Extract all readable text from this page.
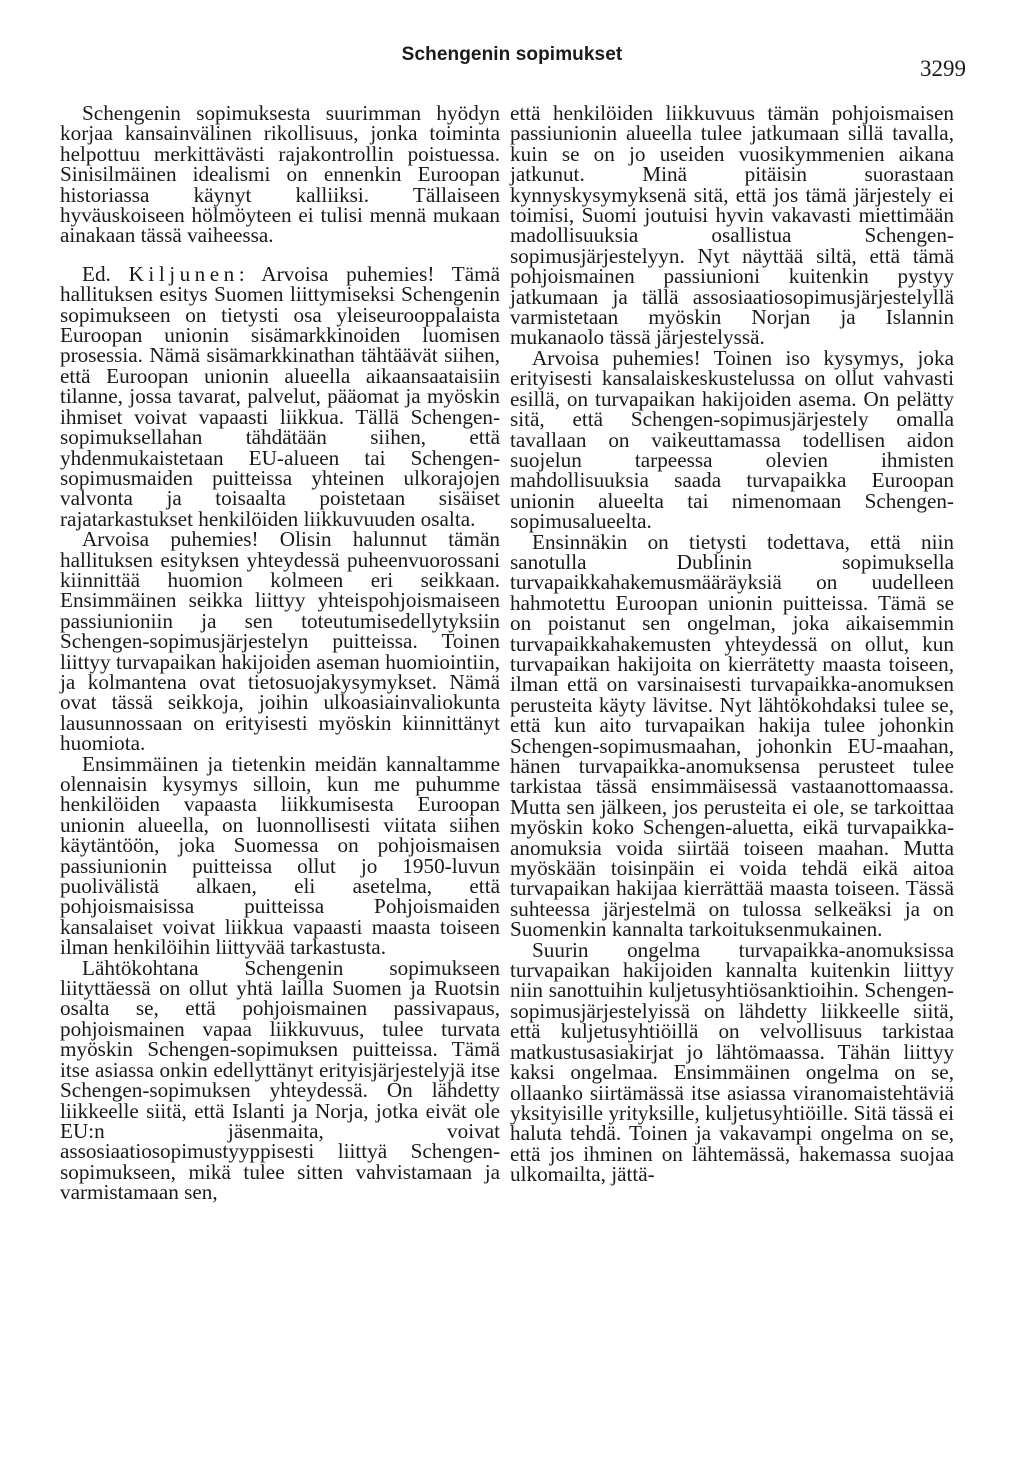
Schengenin sopimukset
3299

Schengenin sopimuksesta suurimman hyödyn korjaa kansainvälinen rikollisuus, jonka toiminta helpottuu merkittävästi rajakontrollin poistuessa. Sinisilmäinen idealismi on ennenkin Euroopan historiassa käynyt kalliiksi. Tällaiseen hyväuskoiseen hölmöyteen ei tulisi mennä mukaan ainakaan tässä vaiheessa.

Ed. Kiljunen: Arvoisa puhemies! Tämä hallituksen esitys Suomen liittymiseksi Schengenin sopimukseen on tietysti osa yleiseurooppalaista Euroopan unionin sisämarkkinoiden luomisen prosessia. Nämä sisämarkkinathan tähtäävät siihen, että Euroopan unionin alueella aikaansaataisiin tilanne, jossa tavarat, palvelut, pääomat ja myöskin ihmiset voivat vapaasti liikkua. Tällä Schengen-sopimuksellahan tähdätään siihen, että yhdenmukaistetaan EU-alueen tai Schengen-sopimusmaiden puitteissa yhteinen ulkorajojen valvonta ja toisaalta poistetaan sisäiset rajatarkastukset henkilöiden liikkuvuuden osalta.

Arvoisa puhemies! Olisin halunnut tämän hallituksen esityksen yhteydessä puheenvuorossani kiinnittää huomion kolmeen eri seikkaan. Ensimmäinen seikka liittyy yhteispohjoismaiseen passiunioniin ja sen toteutumisedellytyksiin Schengen-sopimusjärjestelyn puitteissa. Toinen liittyy turvapaikan hakijoiden aseman huomiointiin, ja kolmantena ovat tietosuojakysymykset. Nämä ovat tässä seikkoja, joihin ulkoasiainvaliokunta lausunnossaan on erityisesti myöskin kiinnittänyt huomiota.

Ensimmäinen ja tietenkin meidän kannaltamme olennaisin kysymys silloin, kun me puhumme henkilöiden vapaasta liikkumisesta Euroopan unionin alueella, on luonnollisesti viitata siihen käytäntöön, joka Suomessa on pohjoismaisen passiunionin puitteissa ollut jo 1950-luvun puolivälistä alkaen, eli asetelma, että pohjoismaisissa puitteissa Pohjoismaiden kansalaiset voivat liikkua vapaasti maasta toiseen ilman henkilöihin liittyvää tarkastusta.

Lähtökohtana Schengenin sopimukseen liityttäessä on ollut yhtä lailla Suomen ja Ruotsin osalta se, että pohjoismainen passivapaus, pohjoismainen vapaa liikkuvuus, tulee turvata myöskin Schengen-sopimuksen puitteissa. Tämä itse asiassa onkin edellyttänyt erityisjärjestelyjä itse Schengen-sopimuksen yhteydessä. On lähdetty liikkeelle siitä, että Islanti ja Norja, jotka eivät ole EU:n jäsenmaita, voivat assosiaatiosopimustyyppisesti liittyä Schengen-sopimukseen, mikä tulee sitten vahvistamaan ja varmistamaan sen,

että henkilöiden liikkuvuus tämän pohjoismaisen passiunionin alueella tulee jatkumaan sillä tavalla, kuin se on jo useiden vuosikymmenien aikana jatkunut. Minä pitäisin suorastaan kynnyskysymyksenä sitä, että jos tämä järjestely ei toimisi, Suomi joutuisi hyvin vakavasti miettimään madollisuuksia osallistua Schengen-sopimusjärjestelyyn. Nyt näyttää siltä, että tämä pohjoismainen passiunioni kuitenkin pystyy jatkumaan ja tällä assosiaatiosopimusjärjestelyllä varmistetaan myöskin Norjan ja Islannin mukanaolo tässä järjestelyssä.

Arvoisa puhemies! Toinen iso kysymys, joka erityisesti kansalaiskeskustelussa on ollut vahvasti esillä, on turvapaikan hakijoiden asema. On pelätty sitä, että Schengen-sopimusjärjestely omalla tavallaan on vaikeuttamassa todellisen aidon suojelun tarpeessa olevien ihmisten mahdollisuuksia saada turvapaikka Euroopan unionin alueelta tai nimenomaan Schengen-sopimusalueelta.

Ensinnäkin on tietysti todettava, että niin sanotulla Dublinin sopimuksella turvapaikkahakemusmääräyksiä on uudelleen hahmotettu Euroopan unionin puitteissa. Tämä se on poistanut sen ongelman, joka aikaisemmin turvapaikkahakemusten yhteydessä on ollut, kun turvapaikan hakijoita on kierrätetty maasta toiseen, ilman että on varsinaisesti turvapaikka-anomuksen perusteita käyty lävitse. Nyt lähtökohdaksi tulee se, että kun aito turvapaikan hakija tulee johonkin Schengen-sopimusmaahan, johonkin EU-maahan, hänen turvapaikka-anomuksensa perusteet tulee tarkistaa tässä ensimmäisessä vastaanottomaassa. Mutta sen jälkeen, jos perusteita ei ole, se tarkoittaa myöskin koko Schengen-aluetta, eikä turvapaikka-anomuksia voida siirtää toiseen maahan. Mutta myöskään toisinpäin ei voida tehdä eikä aitoa turvapaikan hakijaa kierrättää maasta toiseen. Tässä suhteessa järjestelmä on tulossa selkeäksi ja on Suomenkin kannalta tarkoituksenmukainen.

Suurin ongelma turvapaikka-anomuksissa turvapaikan hakijoiden kannalta kuitenkin liittyy niin sanottuihin kuljetusyhtiösanktioihin. Schengen-sopimusjärjestelyissä on lähdetty liikkeelle siitä, että kuljetusyhtiöillä on velvollisuus tarkistaa matkustusasiakirjat jo lähtömaassa. Tähän liittyy kaksi ongelmaa. Ensimmäinen ongelma on se, ollaanko siirtämässä itse asiassa viranomaistehtäviä yksityisille yrityksille, kuljetusyhtiöille. Sitä tässä ei haluta tehdä. Toinen ja vakavampi ongelma on se, että jos ihminen on lähtemässä, hakemassa suojaa ulkomailta, jättä-
